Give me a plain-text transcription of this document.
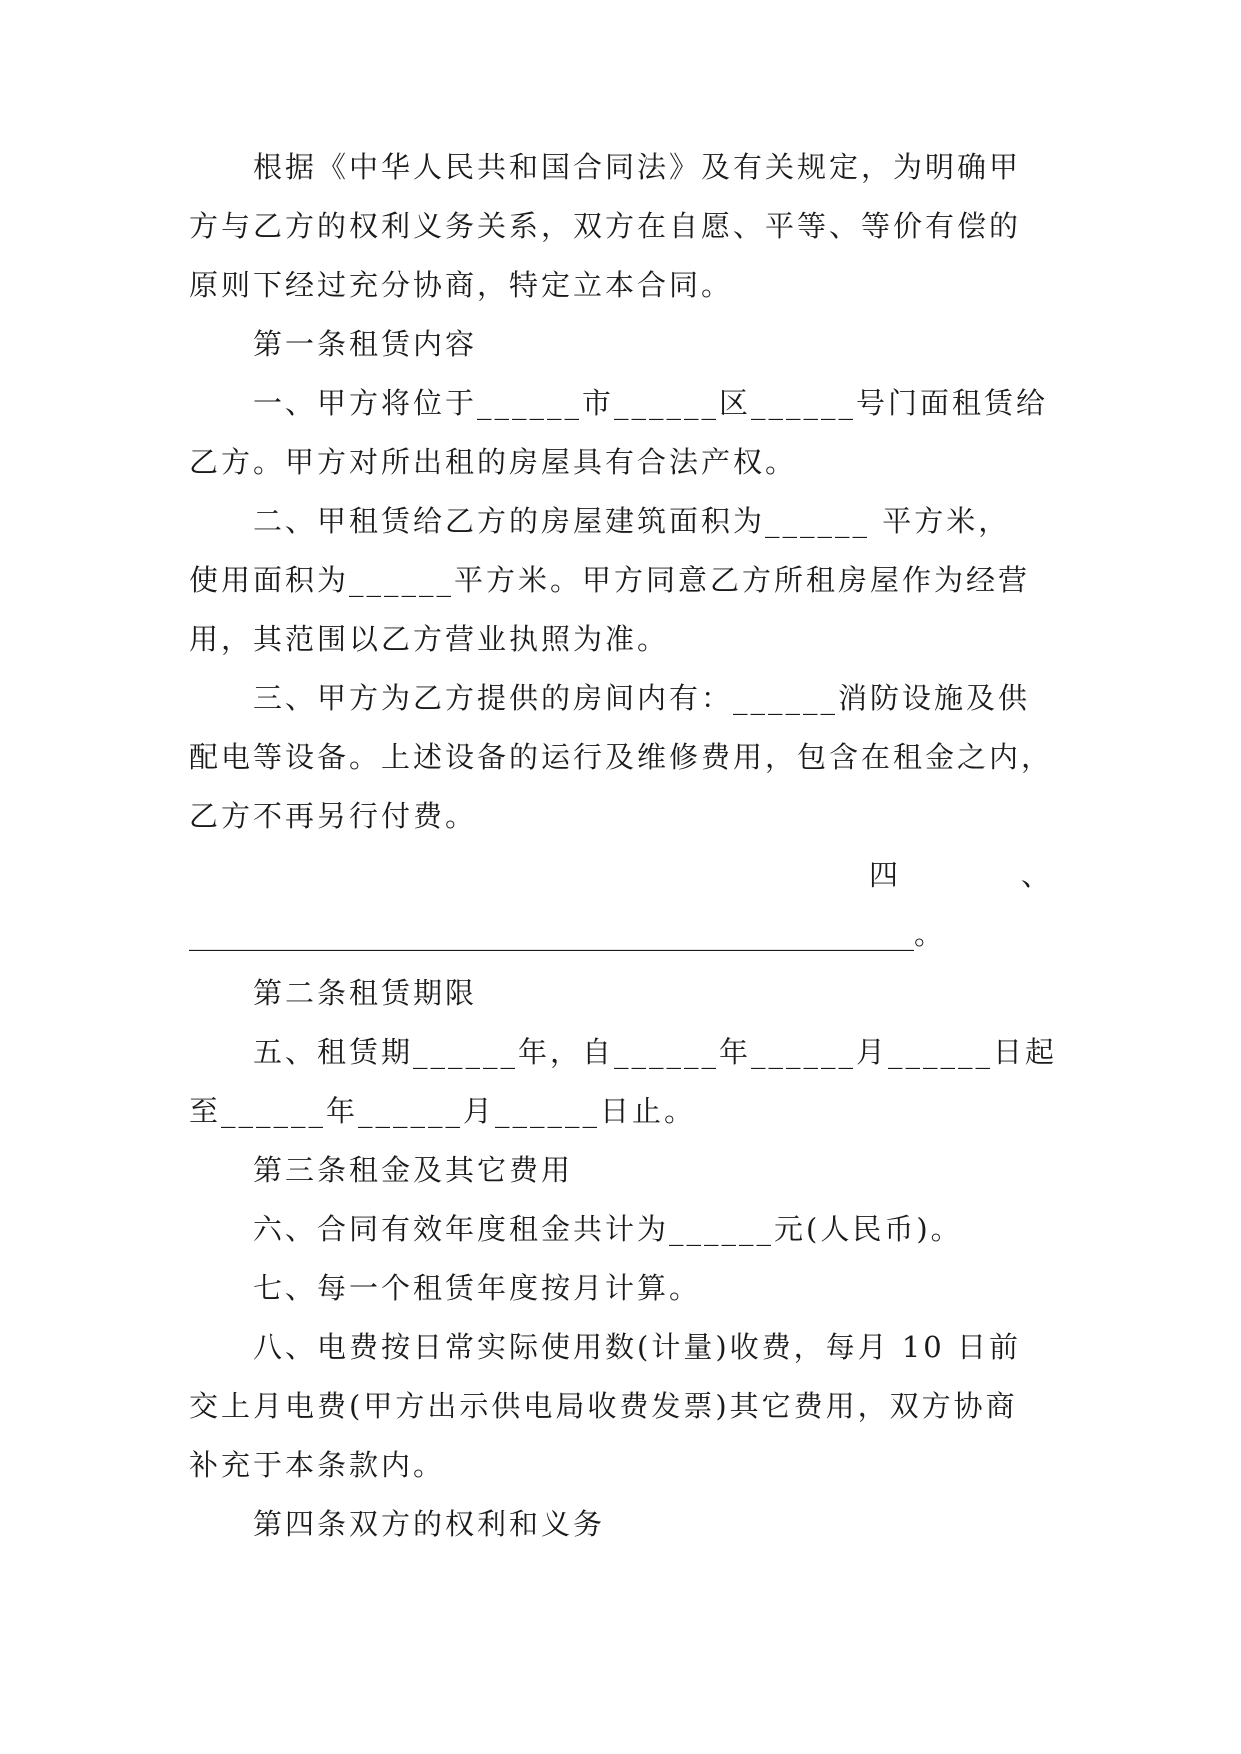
根据《中华人民共和国合同法》及有关规定，为明确甲
方与乙方的权利义务关系，双方在自愿、平等、等价有偿的
原则下经过充分协商，特定立本合同。
第一条租赁内容
一、甲方将位于______市______区______号门面租赁给
乙方。甲方对所出租的房屋具有合法产权。
二、甲租赁给乙方的房屋建筑面积为______ 平方米，
使用面积为______平方米。甲方同意乙方所租房屋作为经营
用，其范围以乙方营业执照为准。
三、甲方为乙方提供的房间内有：______消防设施及供
配电等设备。上述设备的运行及维修费用，包含在租金之内，
乙方不再另行付费。
四	、
__________________________________________________。
第二条租赁期限
五、租赁期______年，自______年______月______日起
至______年______月______日止。
第三条租金及其它费用
六、合同有效年度租金共计为______元(人民币)。
七、每一个租赁年度按月计算。
八、电费按日常实际使用数(计量)收费，每月 10 日前
交上月电费(甲方出示供电局收费发票)其它费用，双方协商
补充于本条款内。
第四条双方的权利和义务
